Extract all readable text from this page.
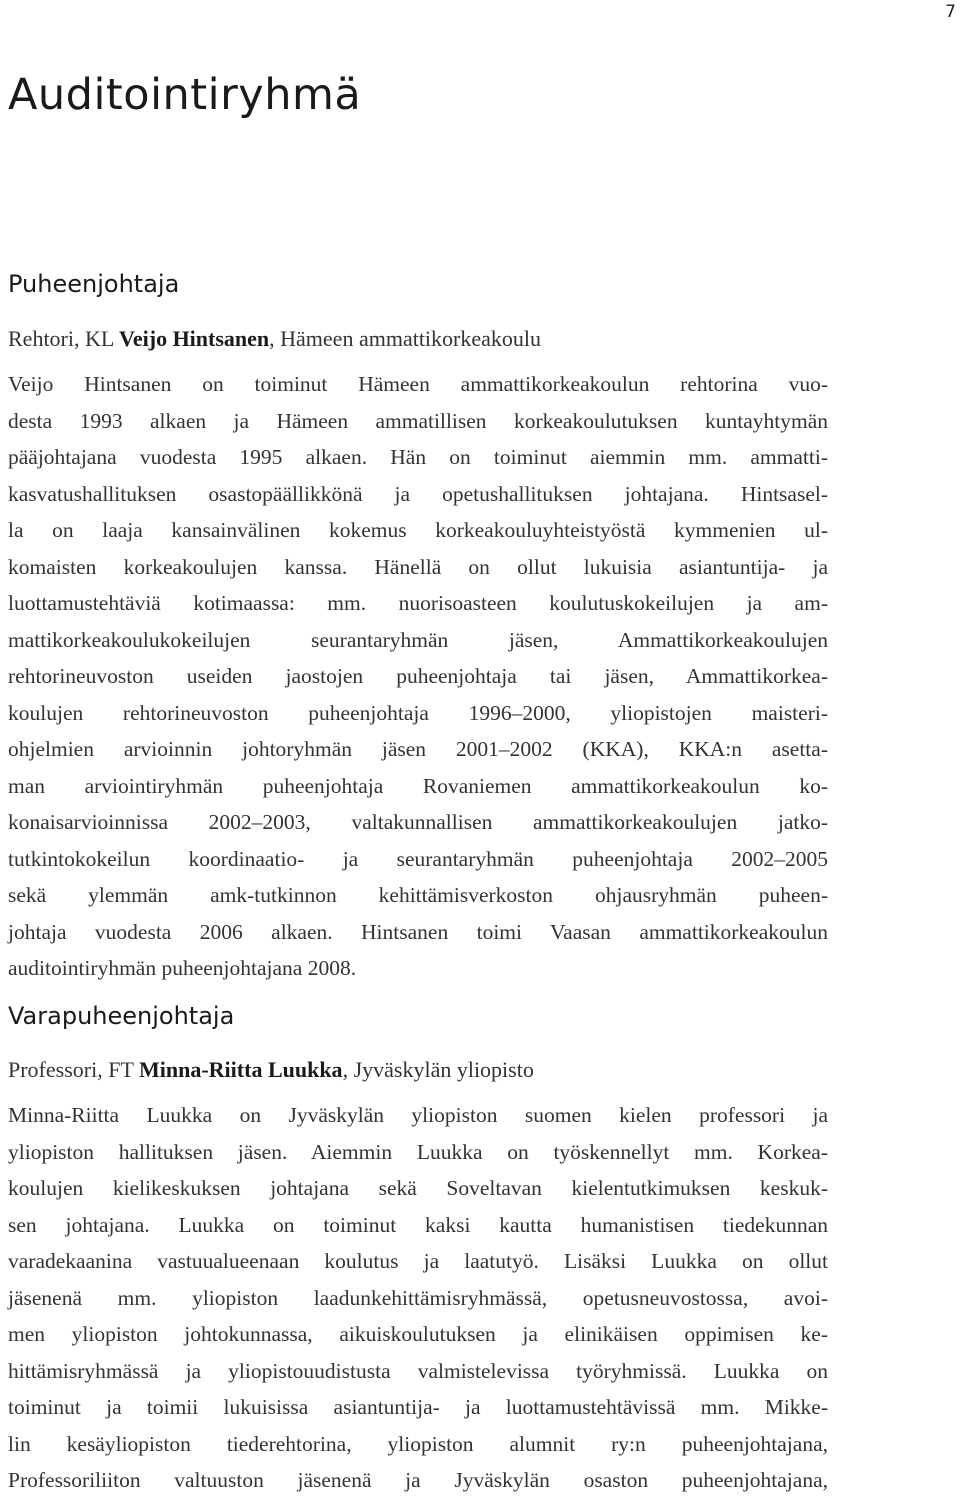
7
Auditointiryhmä
Puheenjohtaja

Rehtori, KL Veijo Hintsanen, Hämeen ammattikorkeakoulu

Veijo Hintsanen on toiminut Hämeen ammattikorkeakoulun rehtorina vuo-
desta 1993 alkaen ja Hämeen ammatillisen korkeakoulutuksen kuntayhtymän
pääjohtajana vuodesta 1995 alkaen. Hän on toiminut aiemmin mm. ammatti-
kasvatushallituksen osastopäällikkönä ja opetushallituksen johtajana. Hintsasel-
la on laaja kansainvälinen kokemus korkeakouluyhteistyöstä kymmenien ul-
komaisten korkeakoulujen kanssa. Hänellä on ollut lukuisia asiantuntija- ja
luottamustehtäviä kotimaassa: mm. nuorisoasteen koulutuskokeilujen ja am-
mattikorkeakoulukokeilujen seurantaryhmän jäsen, Ammattikorkeakoulujen
rehtorineuvoston useiden jaostojen puheenjohtaja tai jäsen, Ammattikorkea-
koulujen rehtorineuvoston puheenjohtaja 1996–2000, yliopistojen maisteri-
ohjelmien arvioinnin johtoryhmän jäsen 2001–2002 (KKA), KKA:n asetta-
man arviointiryhmän puheenjohtaja Rovaniemen ammattikorkeakoulun ko-
konaisarvioinnissa 2002–2003, valtakunnallisen ammattikorkeakoulujen jatko-
tutkintokokeilun koordinaatio- ja seurantaryhmän puheenjohtaja 2002–2005
sekä ylemmän amk-tutkinnon kehittämisverkoston ohjausryhmän puheen-
johtaja vuodesta 2006 alkaen. Hintsanen toimi Vaasan ammattikorkeakoulun
auditointiryhmän puheenjohtajana 2008.
Varapuheenjohtaja

Professori, FT Minna-Riitta Luukka, Jyväskylän yliopisto

Minna-Riitta Luukka on Jyväskylän yliopiston suomen kielen professori ja
yliopiston hallituksen jäsen. Aiemmin Luukka on työskennellyt mm. Korkea-
koulujen kielikeskuksen johtajana sekä Soveltavan kielentutkimuksen keskuk-
sen johtajana. Luukka on toiminut kaksi kautta humanistisen tiedekunnan
varadekaanina vastuualueenaan koulutus ja laatutyö. Lisäksi Luukka on ollut
jäsenenä mm. yliopiston laadunkehittämisryhmässä, opetusneuvostossa, avoi-
men yliopiston johtokunnassa, aikuiskoulutuksen ja elinikäisen oppimisen ke-
hittämisryhmässä ja yliopistouudistusta valmistelevissa työryhmissä. Luukka on
toiminut ja toimii lukuisissa asiantuntija- ja luottamustehtävissä mm. Mikke-
lin kesäyliopiston tiederehtorina, yliopiston alumnit ry:n puheenjohtajana,
Professoriliiton valtuuston jäsenenä ja Jyväskylän osaston puheenjohtajana,
